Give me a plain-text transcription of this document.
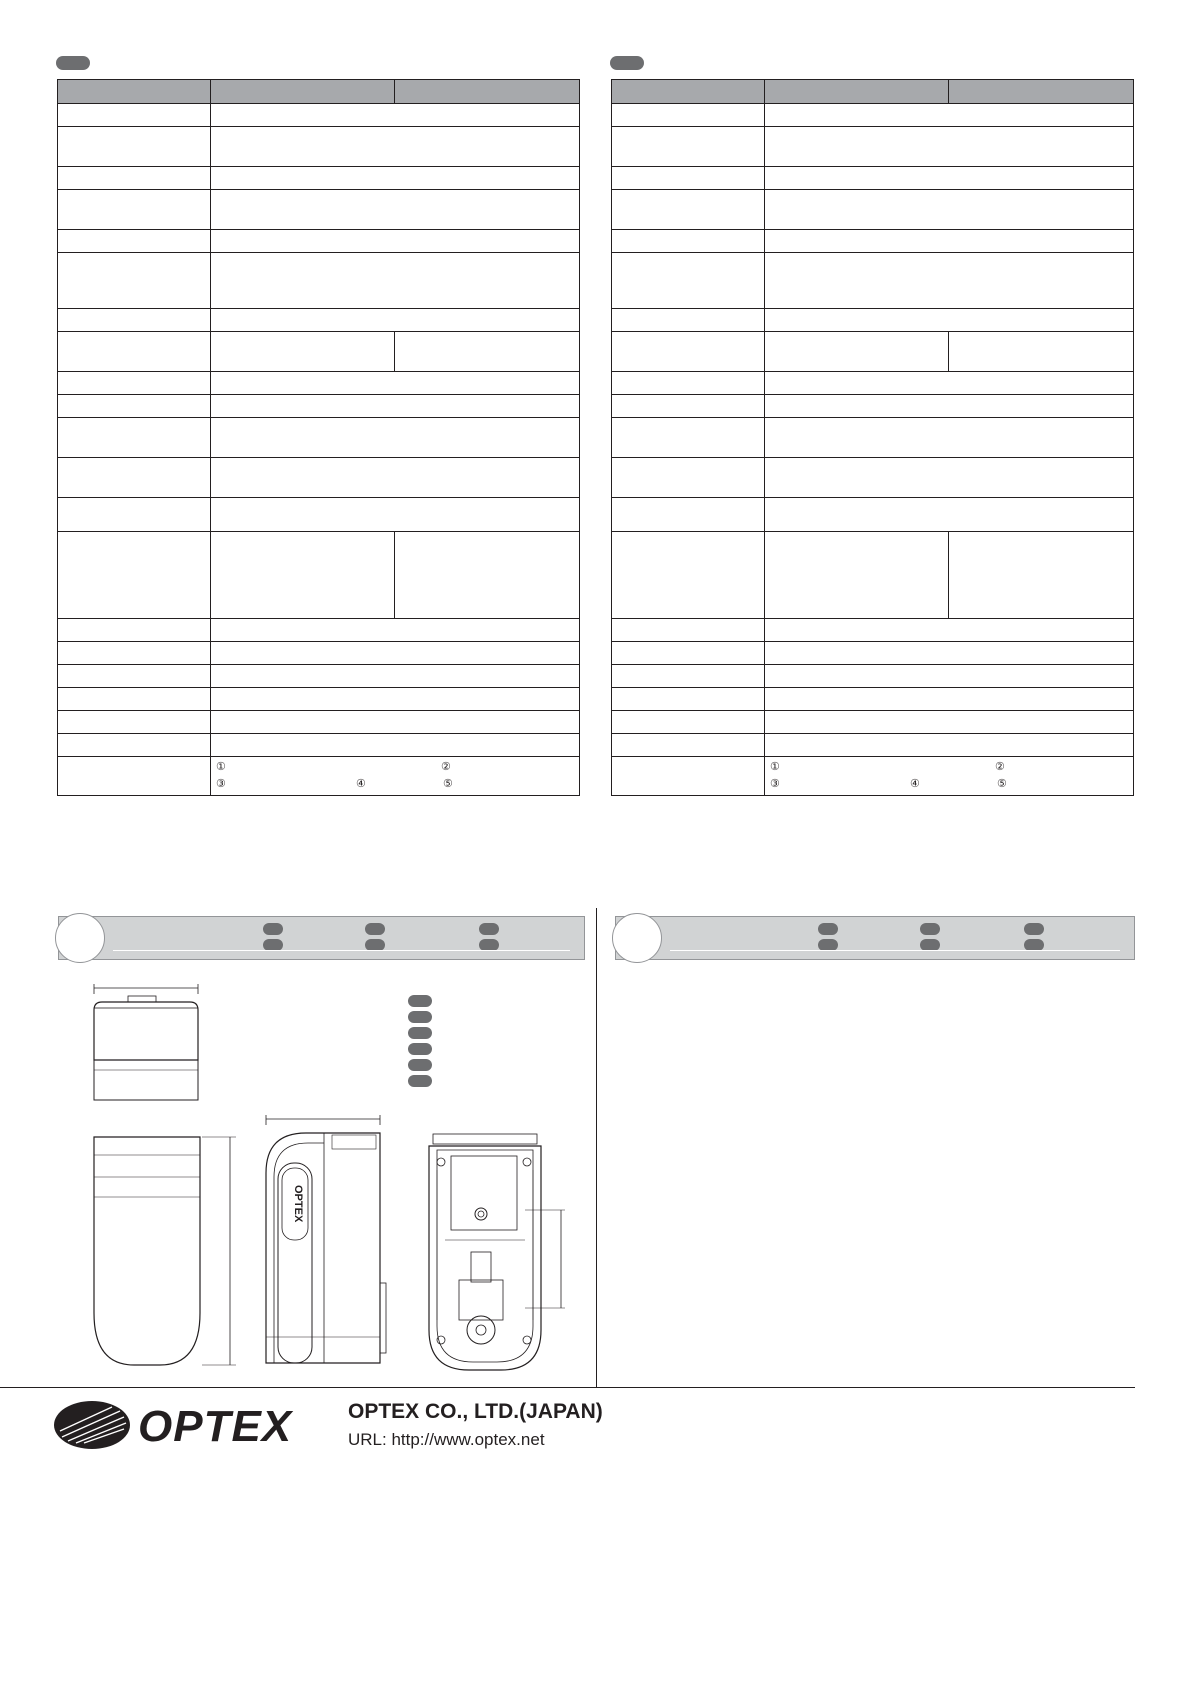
	① ②
③ ④ ⑤	

	① ②
③ ④ ⑤	
OPTEX
OPTEX	OPTEX CO., LTD.(JAPAN)
URL: http://www.optex.net
